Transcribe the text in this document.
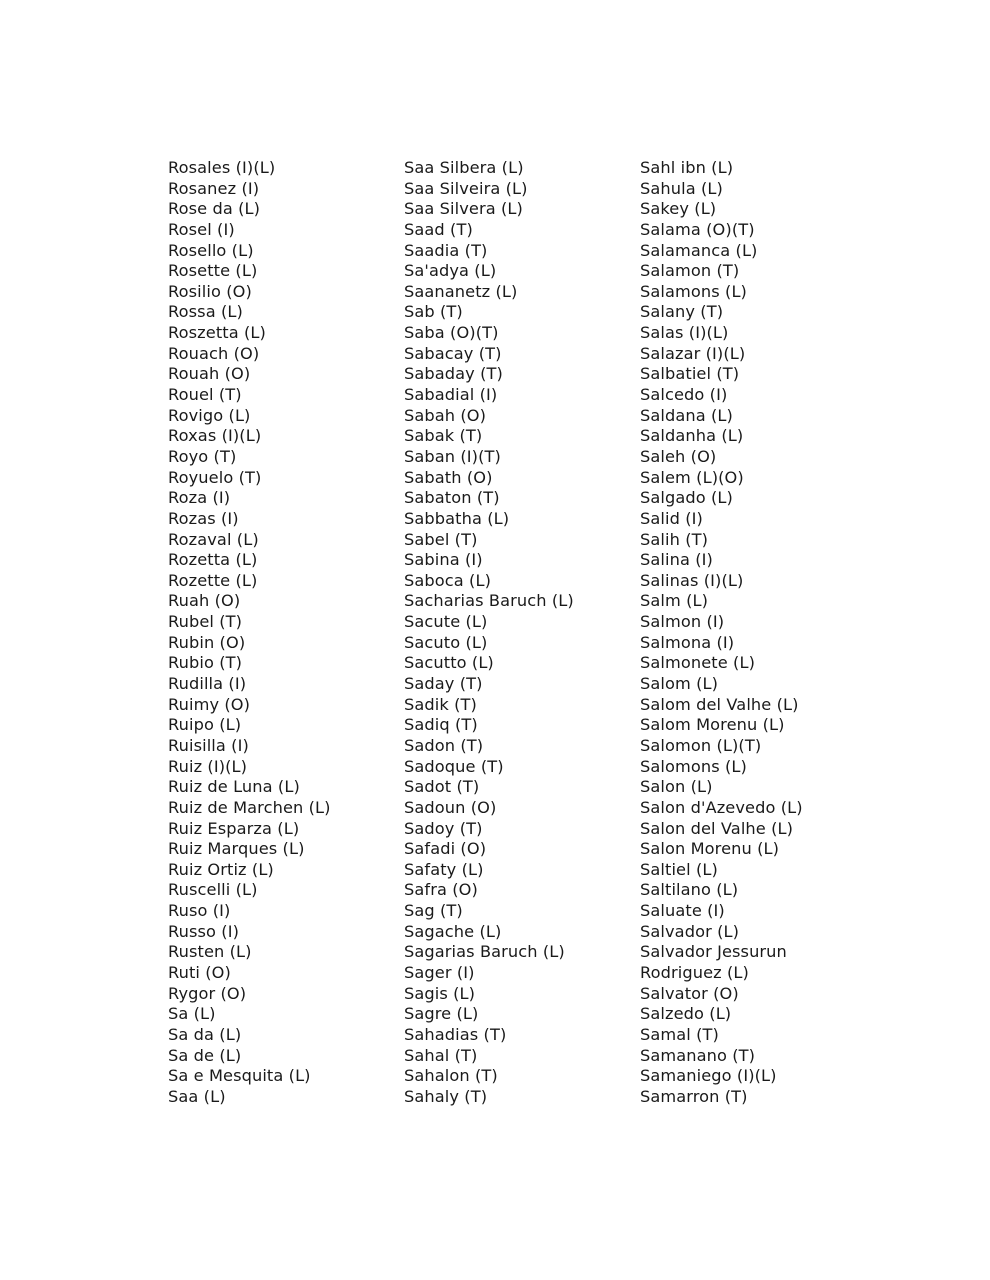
Rosales (I)(L)
Rosanez (I)
Rose da (L)
Rosel (I)
Rosello (L)
Rosette (L)
Rosilio (O)
Rossa (L)
Roszetta (L)
Rouach (O)
Rouah (O)
Rouel (T)
Rovigo (L)
Roxas (I)(L)
Royo (T)
Royuelo (T)
Roza (I)
Rozas (I)
Rozaval (L)
Rozetta (L)
Rozette (L)
Ruah (O)
Rubel (T)
Rubin (O)
Rubio (T)
Rudilla (I)
Ruimy (O)
Ruipo (L)
Ruisilla (I)
Ruiz (I)(L)
Ruiz de Luna (L)
Ruiz de Marchen (L)
Ruiz Esparza (L)
Ruiz Marques (L)
Ruiz Ortiz (L)
Ruscelli (L)
Ruso (I)
Russo (I)
Rusten (L)
Ruti (O)
Rygor (O)
Sa (L)
Sa da (L)
Sa de (L)
Sa e Mesquita (L)
Saa (L)
Saa Silbera (L)
Saa Silveira (L)
Saa Silvera (L)
Saad (T)
Saadia (T)
Sa'adya (L)
Saananetz (L)
Sab (T)
Saba (O)(T)
Sabacay (T)
Sabaday (T)
Sabadial (I)
Sabah (O)
Sabak (T)
Saban (I)(T)
Sabath (O)
Sabaton (T)
Sabbatha (L)
Sabel (T)
Sabina (I)
Saboca (L)
Sacharias Baruch (L)
Sacute (L)
Sacuto (L)
Sacutto (L)
Saday (T)
Sadik (T)
Sadiq (T)
Sadon (T)
Sadoque (T)
Sadot (T)
Sadoun (O)
Sadoy (T)
Safadi (O)
Safaty (L)
Safra (O)
Sag (T)
Sagache (L)
Sagarias Baruch (L)
Sager (I)
Sagis (L)
Sagre (L)
Sahadias (T)
Sahal (T)
Sahalon (T)
Sahaly (T)
Sahl ibn (L)
Sahula (L)
Sakey (L)
Salama (O)(T)
Salamanca (L)
Salamon (T)
Salamons (L)
Salany (T)
Salas (I)(L)
Salazar (I)(L)
Salbatiel (T)
Salcedo (I)
Saldana (L)
Saldanha (L)
Saleh (O)
Salem (L)(O)
Salgado (L)
Salid (I)
Salih (T)
Salina (I)
Salinas (I)(L)
Salm (L)
Salmon (I)
Salmona (I)
Salmonete (L)
Salom (L)
Salom del Valhe (L)
Salom Morenu (L)
Salomon (L)(T)
Salomons (L)
Salon (L)
Salon d'Azevedo (L)
Salon del Valhe (L)
Salon Morenu (L)
Saltiel (L)
Saltilano (L)
Saluate (I)
Salvador (L)
Salvador Jessurun
Rodriguez (L)
Salvator (O)
Salzedo (L)
Samal (T)
Samanano (T)
Samaniego (I)(L)
Samarron (T)
